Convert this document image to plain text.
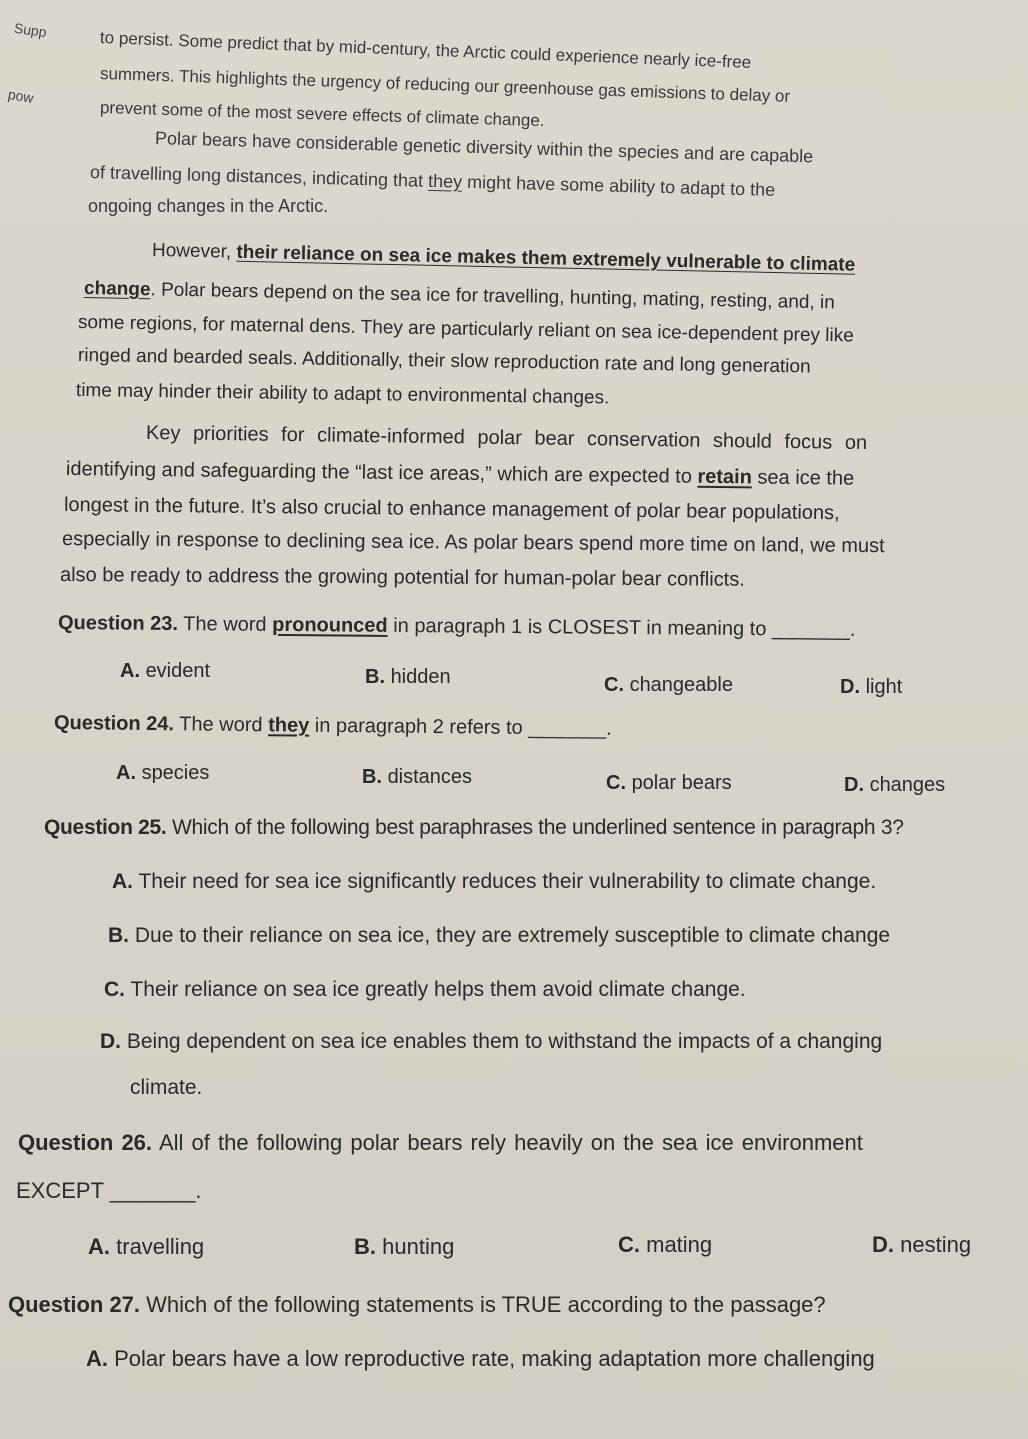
Supp
pow
to persist. Some predict that by mid-century, the Arctic could experience nearly ice-free
summers. This highlights the urgency of reducing our greenhouse gas emissions to delay or
prevent some of the most severe effects of climate change.
Polar bears have considerable genetic diversity within the species and are capable
of travelling long distances, indicating that they might have some ability to adapt to the
ongoing changes in the Arctic.
However, their reliance on sea ice makes them extremely vulnerable to climate
change. Polar bears depend on the sea ice for travelling, hunting, mating, resting, and, in
some regions, for maternal dens. They are particularly reliant on sea ice-dependent prey like
ringed and bearded seals. Additionally, their slow reproduction rate and long generation
time may hinder their ability to adapt to environmental changes.
Key priorities for climate-informed polar bear conservation should focus on
identifying and safeguarding the “last ice areas,” which are expected to retain sea ice the
longest in the future. It’s also crucial to enhance management of polar bear populations,
especially in response to declining sea ice. As polar bears spend more time on land, we must
also be ready to address the growing potential for human-polar bear conflicts.
Question 23. The word pronounced in paragraph 1 is CLOSEST in meaning to _______.
A. evident	B. hidden	C. changeable	D. light
Question 24. The word they in paragraph 2 refers to _______.
A. species	B. distances	C. polar bears	D. changes
Question 25. Which of the following best paraphrases the underlined sentence in paragraph 3?
A. Their need for sea ice significantly reduces their vulnerability to climate change.
B. Due to their reliance on sea ice, they are extremely susceptible to climate change
C. Their reliance on sea ice greatly helps them avoid climate change.
D. Being dependent on sea ice enables them to withstand the impacts of a changing
climate.
Question 26. All of the following polar bears rely heavily on the sea ice environment
EXCEPT _______.
A. travelling	B. hunting	C. mating	D. nesting
Question 27. Which of the following statements is TRUE according to the passage?
A. Polar bears have a low reproductive rate, making adaptation more challenging
